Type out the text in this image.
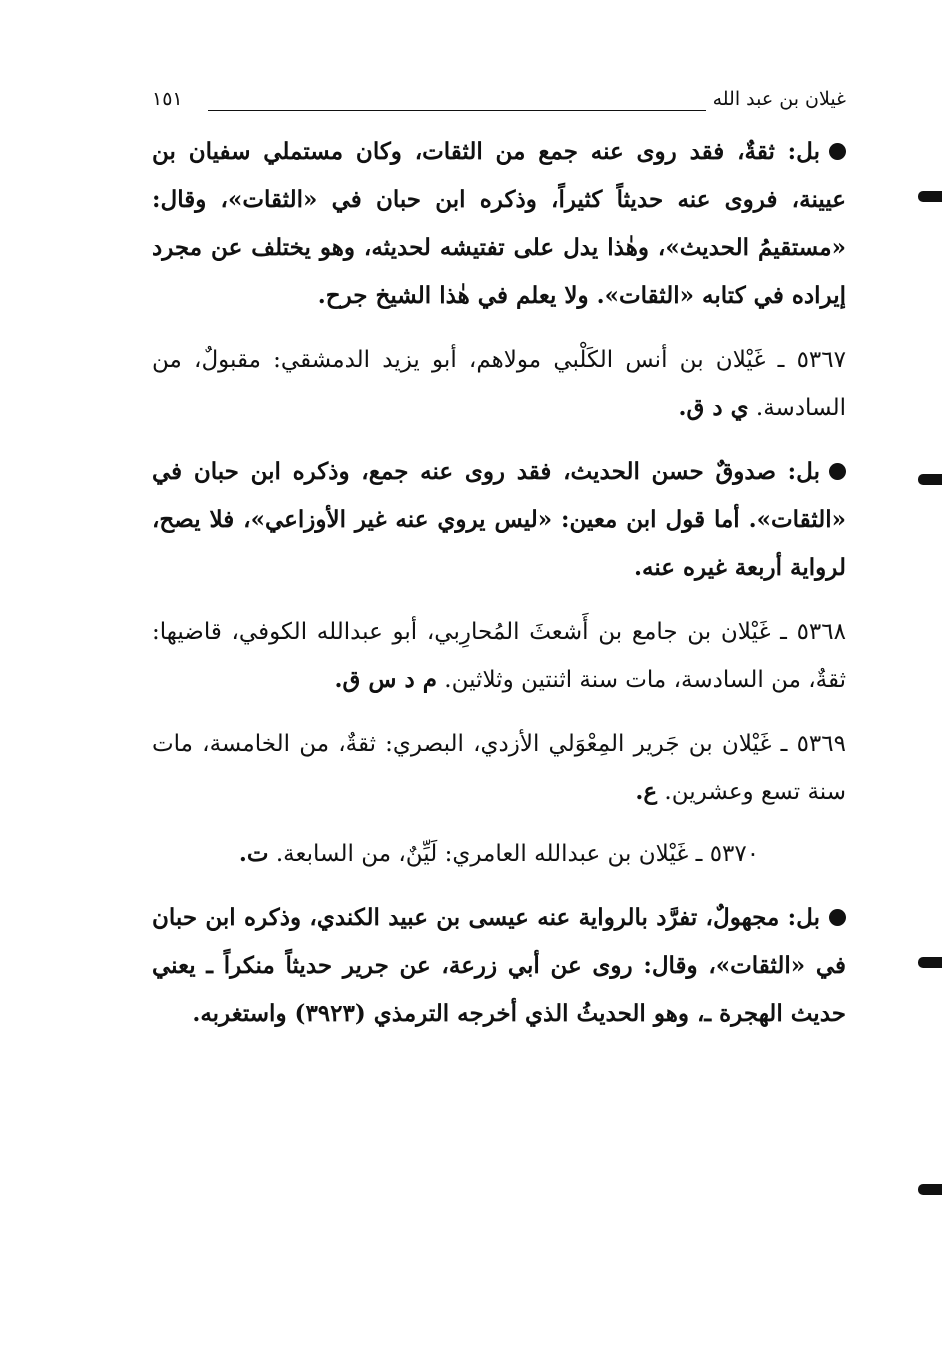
غيلان بن عبد الله
١٥١

بل: ثقةٌ، فقد روى عنه جمع من الثقات، وكان مستملي سفيان بن عيينة، فروى عنه حديثاً كثيراً، وذكره ابن حبان في «الثقات»، وقال: «مستقيمُ الحديث»، وهٰذا يدل على تفتيشه لحديثه، وهو يختلف عن مجرد إيراده في كتابه «الثقات». ولا يعلم في هٰذا الشيخ جرح.

٥٣٦٧ ـ غَيْلان بن أنس الكَلْبي مولاهم، أبو يزيد الدمشقي: مقبولٌ، من السادسة. ي د ق.

بل: صدوقٌ حسن الحديث، فقد روى عنه جمع، وذكره ابن حبان في «الثقات». أما قول ابن معين: «ليس يروي عنه غير الأوزاعي»، فلا يصح، لرواية أربعة غيره عنه.

٥٣٦٨ ـ غَيْلان بن جامع بن أَشعثَ المُحارِبي، أبو عبدالله الكوفي، قاضيها: ثقةٌ، من السادسة، مات سنة اثنتين وثلاثين. م د س ق.

٥٣٦٩ ـ غَيْلان بن جَرير المِعْوَلي الأزدي، البصري: ثقةٌ، من الخامسة، مات سنة تسع وعشرين. ع.

٥٣٧٠ ـ غَيْلان بن عبدالله العامري: لَيِّنٌ، من السابعة. ت.

بل: مجهولٌ، تفرَّد بالرواية عنه عيسى بن عبيد الكندي، وذكره ابن حبان في «الثقات»، وقال: روى عن أبي زرعة، عن جرير حديثاً منكراً ـ يعني حديث الهجرة ـ، وهو الحديثُ الذي أخرجه الترمذي (٣٩٢٣) واستغربه.
